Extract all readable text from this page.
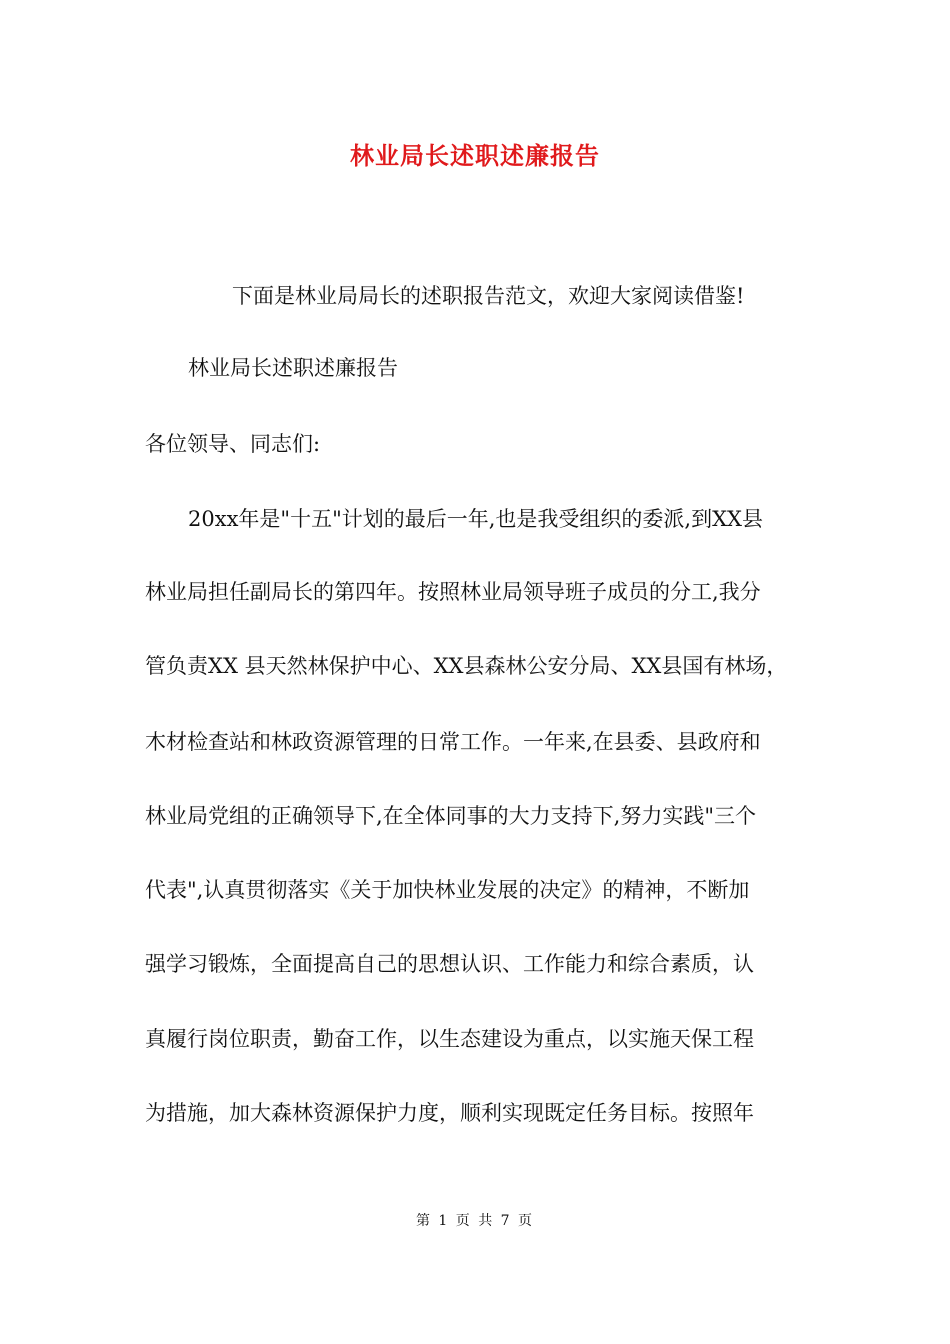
林业局长述职述廉报告
下面是林业局局长的述职报告范文，欢迎大家阅读借鉴!
林业局长述职述廉报告
各位领导、同志们:
20xx年是"十五"计划的最后一年,也是我受组织的委派,到XX县
林业局担任副局长的第四年。按照林业局领导班子成员的分工,我分
管负责XX 县天然林保护中心、XX县森林公安分局、XX县国有林场，
木材检查站和林政资源管理的日常工作。一年来,在县委、县政府和
林业局党组的正确领导下,在全体同事的大力支持下,努力实践"三个
代表",认真贯彻落实《关于加快林业发展的决定》的精神，不断加
强学习锻炼，全面提高自己的思想认识、工作能力和综合素质，认
真履行岗位职责，勤奋工作，以生态建设为重点，以实施天保工程
为措施，加大森林资源保护力度，顺利实现既定任务目标。按照年
第 1 页 共 7 页
